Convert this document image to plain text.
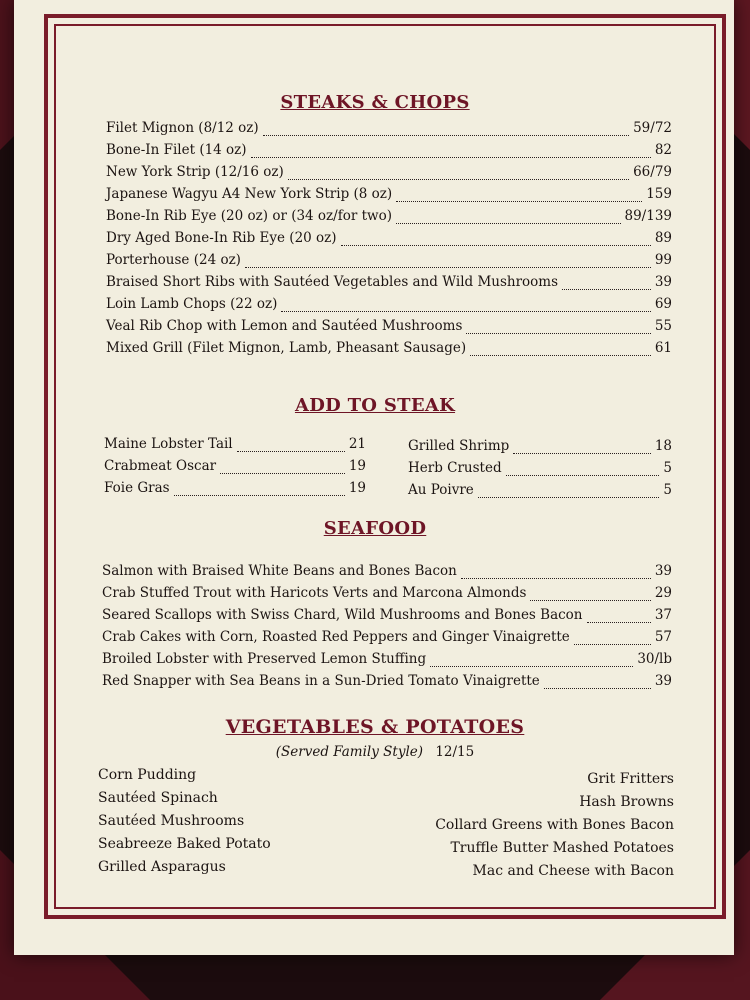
STEAKS & CHOPS
Filet Mignon (8/12 oz)	59/72
Bone-In Filet (14 oz)	82
New York Strip (12/16 oz)	66/79
Japanese Wagyu A4 New York Strip (8 oz)	159
Bone-In Rib Eye (20 oz) or (34 oz/for two)	89/139
Dry Aged Bone-In Rib Eye (20 oz)	89
Porterhouse (24 oz)	99
Braised Short Ribs with Sautéed Vegetables and Wild Mushrooms	39
Loin Lamb Chops (22 oz)	69
Veal Rib Chop with Lemon and Sautéed Mushrooms	55
Mixed Grill (Filet Mignon, Lamb, Pheasant Sausage)	61
ADD TO STEAK
Maine Lobster Tail	21
Crabmeat Oscar	19
Foie Gras	19
Grilled Shrimp	18
Herb Crusted	5
Au Poivre	5
SEAFOOD
Salmon with Braised White Beans and Bones Bacon	39
Crab Stuffed Trout with Haricots Verts and Marcona Almonds	29
Seared Scallops with Swiss Chard, Wild Mushrooms and Bones Bacon	37
Crab Cakes with Corn, Roasted Red Peppers and Ginger Vinaigrette	57
Broiled Lobster with Preserved Lemon Stuffing	30/lb
Red Snapper with Sea Beans in a Sun-Dried Tomato Vinaigrette	39
VEGETABLES & POTATOES
(Served Family Style) 12/15
Corn Pudding
Sautéed Spinach
Sautéed Mushrooms
Seabreeze Baked Potato
Grilled Asparagus
Grit Fritters
Hash Browns
Collard Greens with Bones Bacon
Truffle Butter Mashed Potatoes
Mac and Cheese with Bacon
